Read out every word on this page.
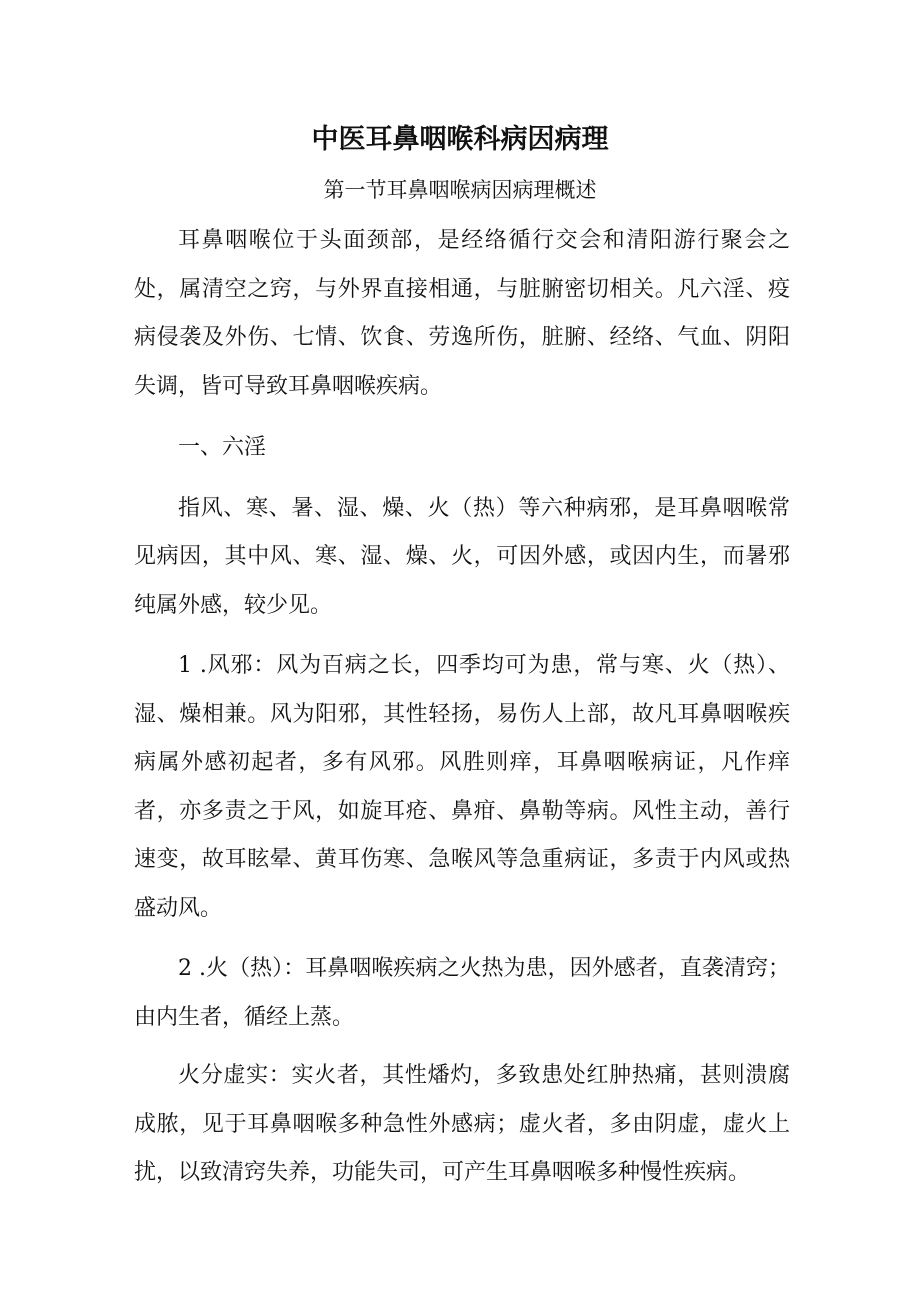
中医耳鼻咽喉科病因病理
第一节耳鼻咽喉病因病理概述

耳鼻咽喉位于头面颈部，是经络循行交会和清阳游行聚会之处，属清空之窍，与外界直接相通，与脏腑密切相关。凡六淫、疫病侵袭及外伤、七情、饮食、劳逸所伤，脏腑、经络、气血、阴阳失调，皆可导致耳鼻咽喉疾病。

一、六淫

指风、寒、暑、湿、燥、火（热）等六种病邪，是耳鼻咽喉常见病因，其中风、寒、湿、燥、火，可因外感，或因内生，而暑邪纯属外感，较少见。

1 .风邪：风为百病之长，四季均可为患，常与寒、火（热）、湿、燥相兼。风为阳邪，其性轻扬，易伤人上部，故凡耳鼻咽喉疾病属外感初起者，多有风邪。风胜则痒，耳鼻咽喉病证，凡作痒者，亦多责之于风，如旋耳疮、鼻疳、鼻勒等病。风性主动，善行速变，故耳眩晕、黄耳伤寒、急喉风等急重病证，多责于内风或热盛动风。

2 .火（热）：耳鼻咽喉疾病之火热为患，因外感者，直袭清窍；由内生者，循经上蒸。

火分虚实：实火者，其性燔灼，多致患处红肿热痛，甚则溃腐成脓，见于耳鼻咽喉多种急性外感病；虚火者，多由阴虚，虚火上扰，以致清窍失养，功能失司，可产生耳鼻咽喉多种慢性疾病。
